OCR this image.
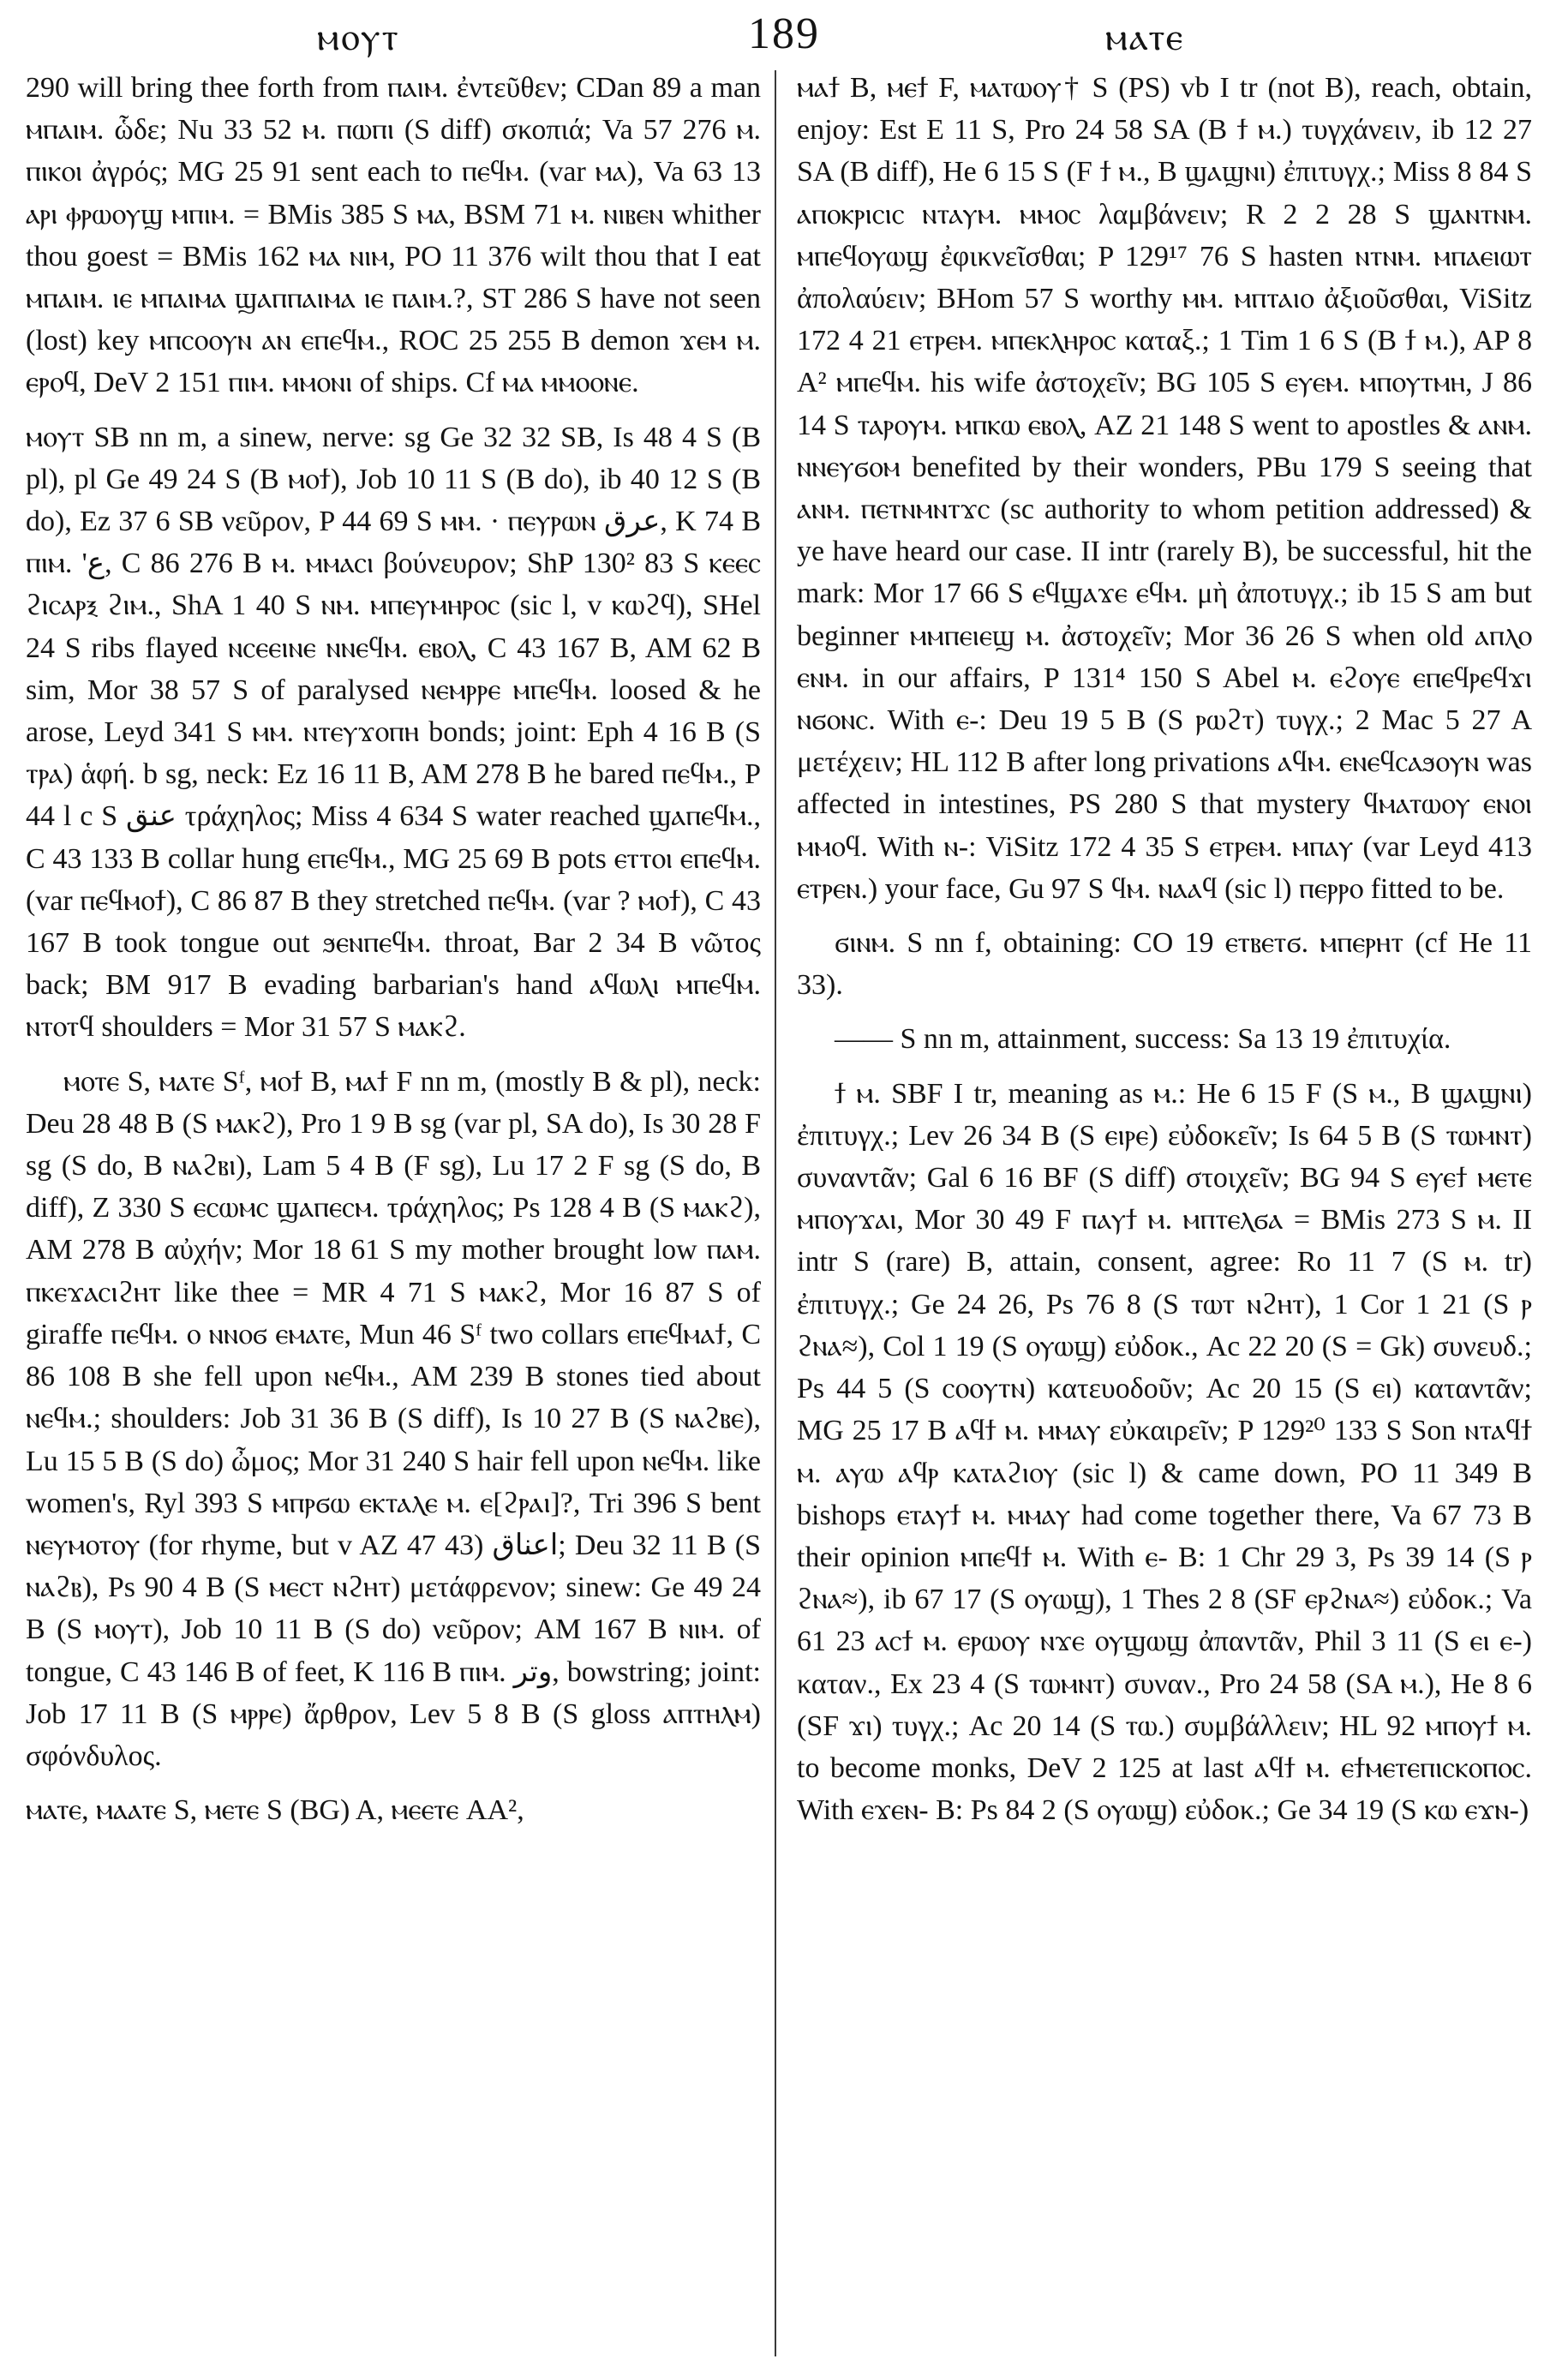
ⲙⲟⲩⲧ	189	ⲙⲁⲧⲉ

290 will bring thee forth from ⲡⲁⲓⲙ. ἐντεῦθεν; CDan 89 a man ⲙⲡⲁⲓⲙ. ὧδε; Nu 33 52 ⲙ. ⲡⲱⲡⲓ (S diff) σκοπιά; Va 57 276 ⲙ. ⲡⲓⲕⲟⲓ ἀγρός; MG 25 91 sent each to ⲡⲉϥⲙ. (var ⲙⲁ), Va 63 13 ⲁⲣⲓ ⲫⲣⲱⲟⲩϣ ⲙⲡⲓⲙ. = BMis 385 S ⲙⲁ, BSM 71 ⲙ. ⲛⲓⲃⲉⲛ whither thou goest = BMis 162 ⲙⲁ ⲛⲓⲙ, PO 11 376 wilt thou that I eat ⲙⲡⲁⲓⲙ. ⲓⲉ ⲙⲡⲁⲓⲙⲁ ϣⲁⲡⲡⲁⲓⲙⲁ ⲓⲉ ⲡⲁⲓⲙ.?, ST 286 S have not seen (lost) key ⲙⲡⲥⲟⲟⲩⲛ ⲁⲛ ⲉⲡⲉϥⲙ., ROC 25 255 B demon ϫⲉⲙ ⲙ. ⲉⲣⲟϥ, DeV 2 151 ⲡⲓⲙ. ⲙⲙⲟⲛⲓ of ships. Cf ⲙⲁ ⲙⲙⲟⲟⲛⲉ.

ⲙⲟⲩⲧ SB nn m, a sinew, nerve: sg Ge 32 32 SB, Is 48 4 S (B pl), pl Ge 49 24 S (B ⲙⲟϯ), Job 10 11 S (B do), ib 40 12 S (B do), Ez 37 6 SB νεῦρον, P 44 69 S ⲙⲙ. · ⲡⲉⲩⲣⲱⲛ عرق, K 74 B ⲡⲓⲙ. 'ع, C 86 276 B ⲙ. ⲙⲙⲁⲥⲓ βούνευρον; ShP 130² 83 S ⲕⲉⲉⲥ ϩⲓⲥⲁⲣⲝ ϩⲓⲙ., ShA 1 40 S ⲛⲙ. ⲙⲡⲉⲩⲙⲏⲣⲟⲥ (sic l, v ⲕⲱϩϥ), SHel 24 S ribs flayed ⲛⲥⲉⲉⲓⲛⲉ ⲛⲛⲉϥⲙ. ⲉⲃⲟⲗ, C 43 167 B, AM 62 B sim, Mor 38 57 S of paralysed ⲛⲉⲙⲣⲣⲉ ⲙⲡⲉϥⲙ. loosed & he arose, Leyd 341 S ⲙⲙ. ⲛⲧⲉⲩϫⲟⲡⲏ bonds; joint: Eph 4 16 B (S ⲧⲣⲁ) ἁφή. b sg, neck: Ez 16 11 B, AM 278 B he bared ⲡⲉϥⲙ., P 44 l c S عنق τράχηλος; Miss 4 634 S water reached ϣⲁⲡⲉϥⲙ., C 43 133 B collar hung ⲉⲡⲉϥⲙ., MG 25 69 B pots ⲉⲧⲧⲟⲓ ⲉⲡⲉϥⲙ. (var ⲡⲉϥⲙⲟϯ), C 86 87 B they stretched ⲡⲉϥⲙ. (var ? ⲙⲟϯ), C 43 167 B took tongue out ϧⲉⲛⲡⲉϥⲙ. throat, Bar 2 34 B νῶτος back; BM 917 B evading barbarian's hand ⲁϥⲱⲗⲓ ⲙⲡⲉϥⲙ. ⲛⲧⲟⲧϥ shoulders = Mor 31 57 S ⲙⲁⲕϩ.

ⲙⲟⲧⲉ S, ⲙⲁⲧⲉ Sᶠ, ⲙⲟϯ B, ⲙⲁϯ F nn m, (mostly B & pl), neck: Deu 28 48 B (S ⲙⲁⲕϩ), Pro 1 9 B sg (var pl, SA do), Is 30 28 F sg (S do, B ⲛⲁϩⲃⲓ), Lam 5 4 B (F sg), Lu 17 2 F sg (S do, B diff), Z 330 S ⲉⲥⲱⲙⲥ ϣⲁⲡⲉⲥⲙ. τράχηλος; Ps 128 4 B (S ⲙⲁⲕϩ), AM 278 B αὐχήν; Mor 18 61 S my mother brought low ⲡⲁⲙ. ⲡⲕⲉϫⲁⲥⲓϩⲏⲧ like thee = MR 4 71 S ⲙⲁⲕϩ, Mor 16 87 S of giraffe ⲡⲉϥⲙ. ⲟ ⲛⲛⲟϭ ⲉⲙⲁⲧⲉ, Mun 46 Sᶠ two collars ⲉⲡⲉϥⲙⲁϯ, C 86 108 B she fell upon ⲛⲉϥⲙ., AM 239 B stones tied about ⲛⲉϥⲙ.; shoulders: Job 31 36 B (S diff), Is 10 27 B (S ⲛⲁϩⲃⲉ), Lu 15 5 B (S do) ὦμος; Mor 31 240 S hair fell upon ⲛⲉϥⲙ. like women's, Ryl 393 S ⲙⲡⲣϭⲱ ⲉⲕⲧⲁⲗⲉ ⲙ. ⲉ[ϩⲣⲁⲓ]?, Tri 396 S bent ⲛⲉⲩⲙⲟⲧⲟⲩ (for rhyme, but v AZ 47 43) اعناق; Deu 32 11 B (S ⲛⲁϩⲃ), Ps 90 4 B (S ⲙⲉⲥⲧ ⲛϩⲏⲧ) μετάφρενον; sinew: Ge 49 24 B (S ⲙⲟⲩⲧ), Job 10 11 B (S do) νεῦρον; AM 167 B ⲛⲓⲙ. of tongue, C 43 146 B of feet, K 116 B ⲡⲓⲙ. وتر, bowstring; joint: Job 17 11 B (S ⲙⲣⲣⲉ) ἄρθρον, Lev 5 8 B (S gloss ⲁⲡⲧⲏⲗⲙ) σφόνδυλος.

ⲙⲁⲧⲉ, ⲙⲁⲁⲧⲉ S, ⲙⲉⲧⲉ S (BG) A, ⲙⲉⲉⲧⲉ AA²,

ⲙⲁϯ B, ⲙⲉϯ F, ⲙⲁⲧⲱⲟⲩ† S (PS) vb I tr (not B), reach, obtain, enjoy: Est E 11 S, Pro 24 58 SA (B ϯ ⲙ.) τυγχάνειν, ib 12 27 SA (B diff), He 6 15 S (F ϯ ⲙ., B ϣⲁϣⲛⲓ) ἐπιτυγχ.; Miss 8 84 S ⲁⲡⲟⲕⲣⲓⲥⲓⲥ ⲛⲧⲁⲩⲙ. ⲙⲙⲟⲥ λαμβάνειν; R 2 2 28 S ϣⲁⲛⲧⲛⲙ. ⲙⲡⲉϥⲟⲩⲱϣ ἐφικνεῖσθαι; P 129¹⁷ 76 S hasten ⲛⲧⲛⲙ. ⲙⲡⲁⲉⲓⲱⲧ ἀπολαύειν; BHom 57 S worthy ⲙⲙ. ⲙⲡⲧⲁⲓⲟ ἀξιοῦσθαι, ViSitz 172 4 21 ⲉⲧⲣⲉⲙ. ⲙⲡⲉⲕⲗⲏⲣⲟⲥ καταξ.; 1 Tim 1 6 S (B ϯ ⲙ.), AP 8 A² ⲙⲡⲉϥⲙ. his wife ἀστοχεῖν; BG 105 S ⲉⲩⲉⲙ. ⲙⲡⲟⲩⲧⲙⲏ, J 86 14 S ⲧⲁⲣⲟⲩⲙ. ⲙⲡⲕⲱ ⲉⲃⲟⲗ, AZ 21 148 S went to apostles & ⲁⲛⲙ. ⲛⲛⲉⲩϭⲟⲙ benefited by their wonders, PBu 179 S seeing that ⲁⲛⲙ. ⲡⲉⲧⲛⲙⲛⲧϫⲥ (sc authority to whom petition addressed) & ye have heard our case. II intr (rarely B), be successful, hit the mark: Mor 17 66 S ⲉϥϣⲁϫⲉ ⲉϥⲙ. μὴ ἀποτυγχ.; ib 15 S am but beginner ⲙⲙⲡⲉⲓⲉϣ ⲙ. ἀστοχεῖν; Mor 36 26 S when old ⲁⲡⲗⲟ ⲉⲛⲙ. in our affairs, P 131⁴ 150 S Abel ⲙ. ⲉϩⲟⲩⲉ ⲉⲡⲉϥⲣⲉϥϫⲓ ⲛϭⲟⲛⲥ. With ⲉ-: Deu 19 5 B (S ⲣⲱϩⲧ) τυγχ.; 2 Mac 5 27 A μετέχειν; HL 112 B after long privations ⲁϥⲙ. ⲉⲛⲉϥⲥⲁϧⲟⲩⲛ was affected in intestines, PS 280 S that mystery ϥⲙⲁⲧⲱⲟⲩ ⲉⲛⲟⲓ ⲙⲙⲟϥ. With ⲛ-: ViSitz 172 4 35 S ⲉⲧⲣⲉⲙ. ⲙⲡⲁⲩ (var Leyd 413 ⲉⲧⲣⲉⲛ.) your face, Gu 97 S ϥⲙ. ⲛⲁⲁϥ (sic l) ⲡⲉⲣⲣⲟ fitted to be.

ϭⲓⲛⲙ. S nn f, obtaining: CO 19 ⲉⲧⲃⲉⲧϭ. ⲙⲡⲉⲣⲏⲧ (cf He 11 33).

—— S nn m, attainment, success: Sa 13 19 ἐπιτυχία.

ϯ ⲙ. SBF I tr, meaning as ⲙ.: He 6 15 F (S ⲙ., B ϣⲁϣⲛⲓ) ἐπιτυγχ.; Lev 26 34 B (S ⲉⲓⲣⲉ) εὐδοκεῖν; Is 64 5 B (S ⲧⲱⲙⲛⲧ) συναντᾶν; Gal 6 16 BF (S diff) στοιχεῖν; BG 94 S ⲉⲩⲉϯ ⲙⲉⲧⲉ ⲙⲡⲟⲩϫⲁⲓ, Mor 30 49 F ⲡⲁⲩϯ ⲙ. ⲙⲡⲧⲉⲗϭⲁ = BMis 273 S ⲙ. II intr S (rare) B, attain, consent, agree: Ro 11 7 (S ⲙ. tr) ἐπιτυγχ.; Ge 24 26, Ps 76 8 (S ⲧⲱⲧ ⲛϩⲏⲧ), 1 Cor 1 21 (S ⲣ ϩⲛⲁ≈), Col 1 19 (S ⲟⲩⲱϣ) εὐδοκ., Ac 22 20 (S = Gk) συνευδ.; Ps 44 5 (S ⲥⲟⲟⲩⲧⲛ) κατευοδοῦν; Ac 20 15 (S ⲉⲓ) καταντᾶν; MG 25 17 B ⲁϥϯ ⲙ. ⲙⲙⲁⲩ εὐκαιρεῖν; P 129²⁰ 133 S Son ⲛⲧⲁϥϯ ⲙ. ⲁⲩⲱ ⲁϥⲣ ⲕⲁⲧⲁϩⲓⲟⲩ (sic l) & came down, PO 11 349 B bishops ⲉⲧⲁⲩϯ ⲙ. ⲙⲙⲁⲩ had come together there, Va 67 73 B their opinion ⲙⲡⲉϥϯ ⲙ. With ⲉ- B: 1 Chr 29 3, Ps 39 14 (S ⲣ ϩⲛⲁ≈), ib 67 17 (S ⲟⲩⲱϣ), 1 Thes 2 8 (SF ⲉⲣϩⲛⲁ≈) εὐδοκ.; Va 61 23 ⲁⲥϯ ⲙ. ⲉⲣⲱⲟⲩ ⲛϫⲉ ⲟⲩϣⲱϣ ἀπαντᾶν, Phil 3 11 (S ⲉⲓ ⲉ-) καταν., Ex 23 4 (S ⲧⲱⲙⲛⲧ) συναν., Pro 24 58 (SA ⲙ.), He 8 6 (SF ϫⲓ) τυγχ.; Ac 20 14 (S ⲧⲱ.) συμβάλλειν; HL 92 ⲙⲡⲟⲩϯ ⲙ. to become monks, DeV 2 125 at last ⲁϥϯ ⲙ. ⲉϯⲙⲉⲧⲉⲡⲓⲥⲕⲟⲡⲟⲥ. With ⲉϫⲉⲛ- B: Ps 84 2 (S ⲟⲩⲱϣ) εὐδοκ.; Ge 34 19 (S ⲕⲱ ⲉϫⲛ-)
